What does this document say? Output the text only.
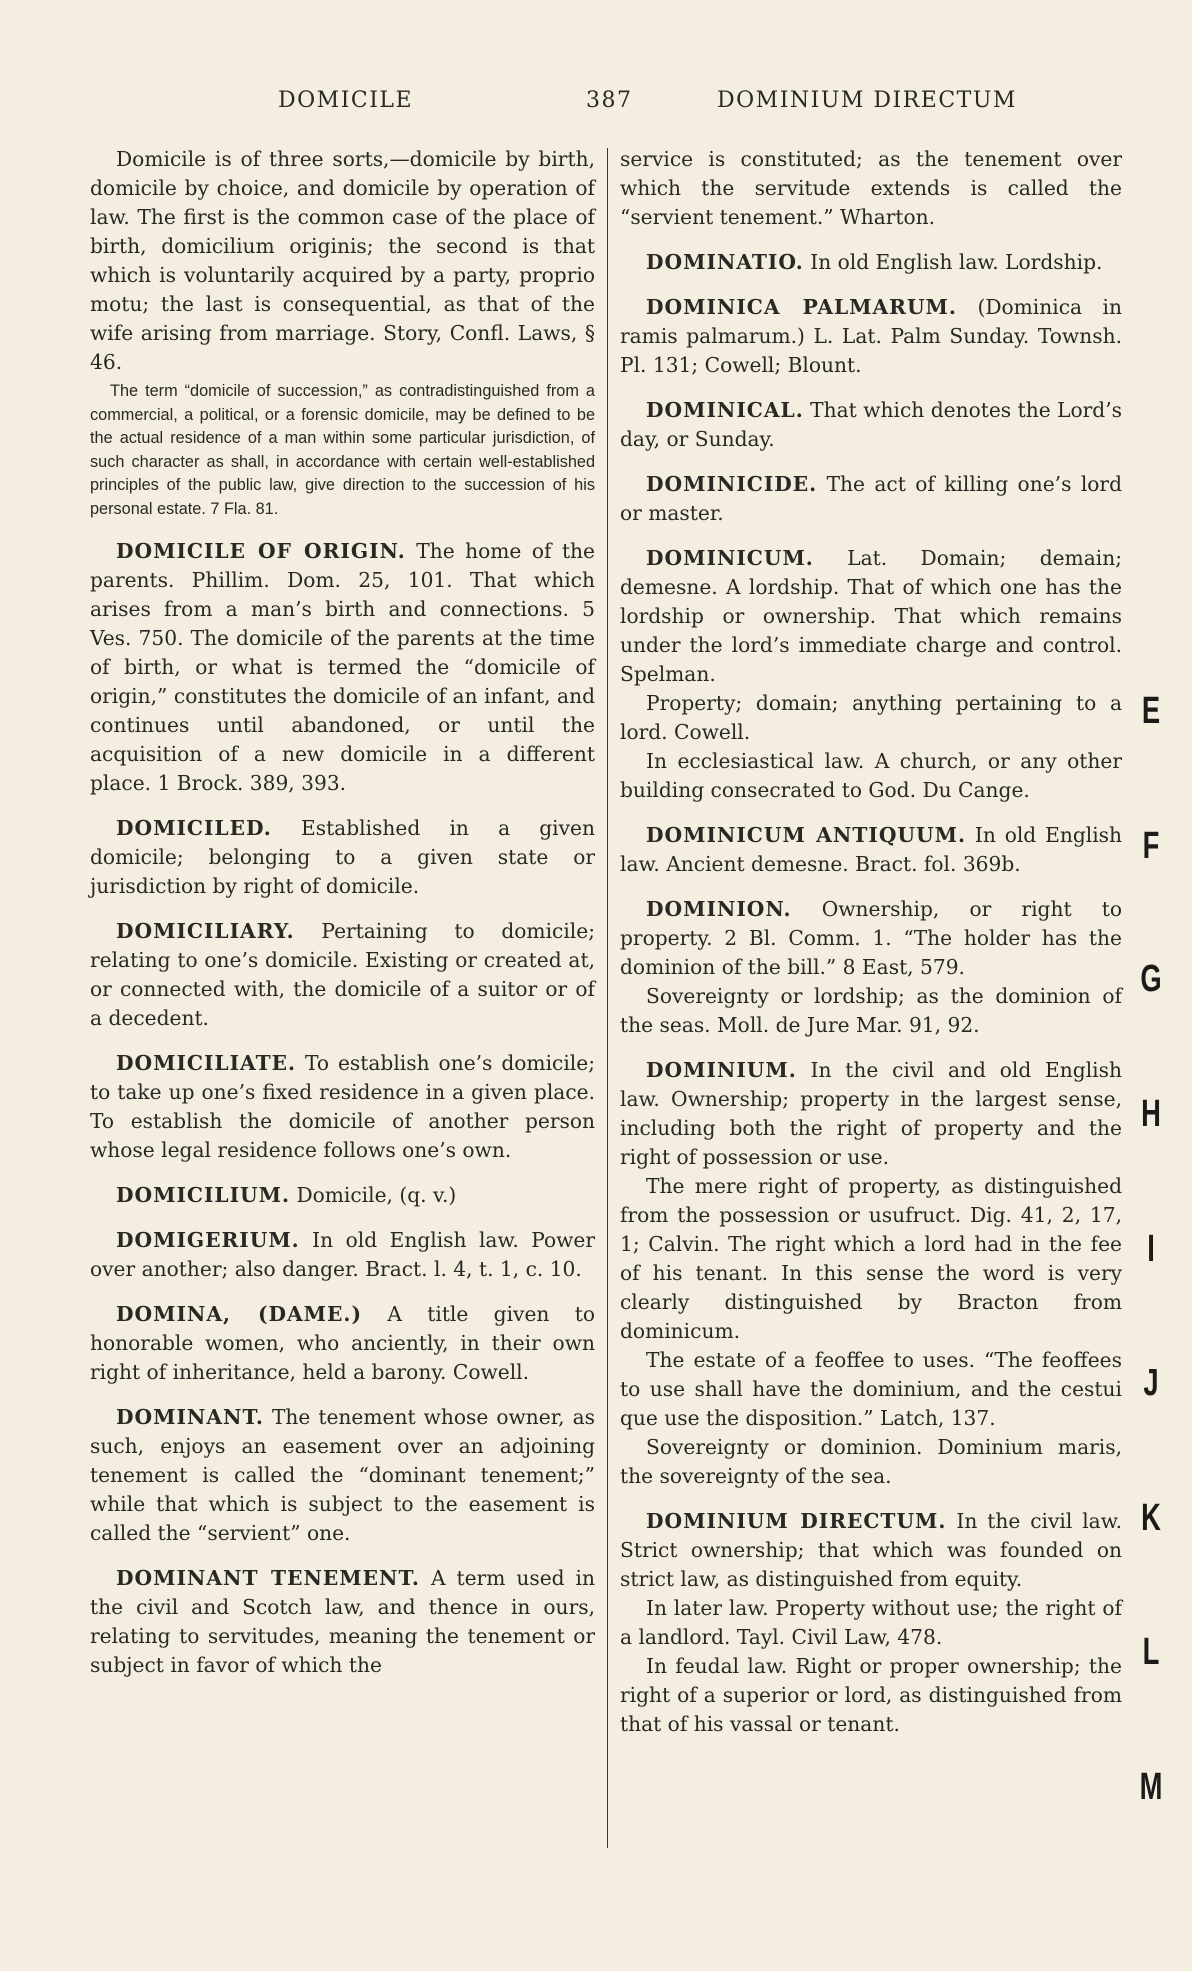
DOMICILE	387	DOMINIUM DIRECTUM

Domicile is of three sorts,—domicile by birth, domicile by choice, and domicile by operation of law. The first is the common case of the place of birth, domicilium originis; the second is that which is voluntarily acquired by a party, proprio motu; the last is consequential, as that of the wife arising from marriage. Story, Confl. Laws, § 46.

The term “domicile of succession,” as contradistinguished from a commercial, a political, or a forensic domicile, may be defined to be the actual residence of a man within some particular jurisdiction, of such character as shall, in accordance with certain well-established principles of the public law, give direction to the succession of his personal estate. 7 Fla. 81.

DOMICILE OF ORIGIN. The home of the parents. Phillim. Dom. 25, 101. That which arises from a man’s birth and connections. 5 Ves. 750. The domicile of the parents at the time of birth, or what is termed the “domicile of origin,” constitutes the domicile of an infant, and continues until abandoned, or until the acquisition of a new domicile in a different place. 1 Brock. 389, 393.

DOMICILED. Established in a given domicile; belonging to a given state or jurisdiction by right of domicile.

DOMICILIARY. Pertaining to domicile; relating to one’s domicile. Existing or created at, or connected with, the domicile of a suitor or of a decedent.

DOMICILIATE. To establish one’s domicile; to take up one’s fixed residence in a given place. To establish the domicile of another person whose legal residence follows one’s own.

DOMICILIUM. Domicile, (q. v.)

DOMIGERIUM. In old English law. Power over another; also danger. Bract. l. 4, t. 1, c. 10.

DOMINA, (DAME.) A title given to honorable women, who anciently, in their own right of inheritance, held a barony. Cowell.

DOMINANT. The tenement whose owner, as such, enjoys an easement over an adjoining tenement is called the “dominant tenement;” while that which is subject to the easement is called the “servient” one.

DOMINANT TENEMENT. A term used in the civil and Scotch law, and thence in ours, relating to servitudes, meaning the tenement or subject in favor of which the

service is constituted; as the tenement over which the servitude extends is called the “servient tenement.” Wharton.

DOMINATIO. In old English law. Lordship.

DOMINICA PALMARUM. (Dominica in ramis palmarum.) L. Lat. Palm Sunday. Townsh. Pl. 131; Cowell; Blount.

DOMINICAL. That which denotes the Lord’s day, or Sunday.

DOMINICIDE. The act of killing one’s lord or master.

DOMINICUM. Lat. Domain; demain; demesne. A lordship. That of which one has the lordship or ownership. That which remains under the lord’s immediate charge and control. Spelman.

Property; domain; anything pertaining to a lord. Cowell.

In ecclesiastical law. A church, or any other building consecrated to God. Du Cange.

DOMINICUM ANTIQUUM. In old English law. Ancient demesne. Bract. fol. 369b.

DOMINION. Ownership, or right to property. 2 Bl. Comm. 1. “The holder has the dominion of the bill.” 8 East, 579.

Sovereignty or lordship; as the dominion of the seas. Moll. de Jure Mar. 91, 92.

DOMINIUM. In the civil and old English law. Ownership; property in the largest sense, including both the right of property and the right of possession or use.

The mere right of property, as distinguished from the possession or usufruct. Dig. 41, 2, 17, 1; Calvin. The right which a lord had in the fee of his tenant. In this sense the word is very clearly distinguished by Bracton from dominicum.

The estate of a feoffee to uses. “The feoffees to use shall have the dominium, and the cestui que use the disposition.” Latch, 137.

Sovereignty or dominion. Dominium maris, the sovereignty of the sea.

DOMINIUM DIRECTUM. In the civil law. Strict ownership; that which was founded on strict law, as distinguished from equity.

In later law. Property without use; the right of a landlord. Tayl. Civil Law, 478.

In feudal law. Right or proper ownership; the right of a superior or lord, as distinguished from that of his vassal or tenant.

E
F
G
H
I
J
K
L
M
